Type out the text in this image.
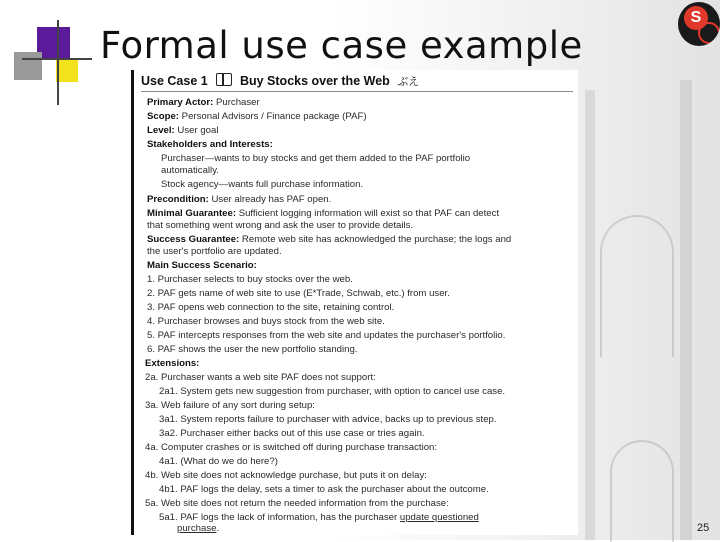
Formal use case example
S
Use Case 1	Buy Stocks over the Web ぶえ
Primary Actor: Purchaser
Scope: Personal Advisors / Finance package (PAF)
Level: User goal
Stakeholders and Interests:
Purchaser—wants to buy stocks and get them added to the PAF portfolio
automatically.
Stock agency—wants full purchase information.
Precondition: User already has PAF open.
Minimal Guarantee: Sufficient logging information will exist so that PAF can detect
that something went wrong and ask the user to provide details.
Success Guarantee: Remote web site has acknowledged the purchase; the logs and
the user's portfolio are updated.
Main Success Scenario:
1. Purchaser selects to buy stocks over the web.
2. PAF gets name of web site to use (E*Trade, Schwab, etc.) from user.
3. PAF opens web connection to the site, retaining control.
4. Purchaser browses and buys stock from the web site.
5. PAF intercepts responses from the web site and updates the purchaser's portfolio.
6. PAF shows the user the new portfolio standing.
Extensions:
2a. Purchaser wants a web site PAF does not support:
2a1. System gets new suggestion from purchaser, with option to cancel use case.
3a. Web failure of any sort during setup:
3a1. System reports failure to purchaser with advice, backs up to previous step.
3a2. Purchaser either backs out of this use case or tries again.
4a. Computer crashes or is switched off during purchase transaction:
4a1. (What do we do here?)
4b. Web site does not acknowledge purchase, but puts it on delay:
4b1. PAF logs the delay, sets a timer to ask the purchaser about the outcome.
5a. Web site does not return the needed information from the purchase:
5a1. PAF logs the lack of information, has the purchaser update questioned
purchase.	25
